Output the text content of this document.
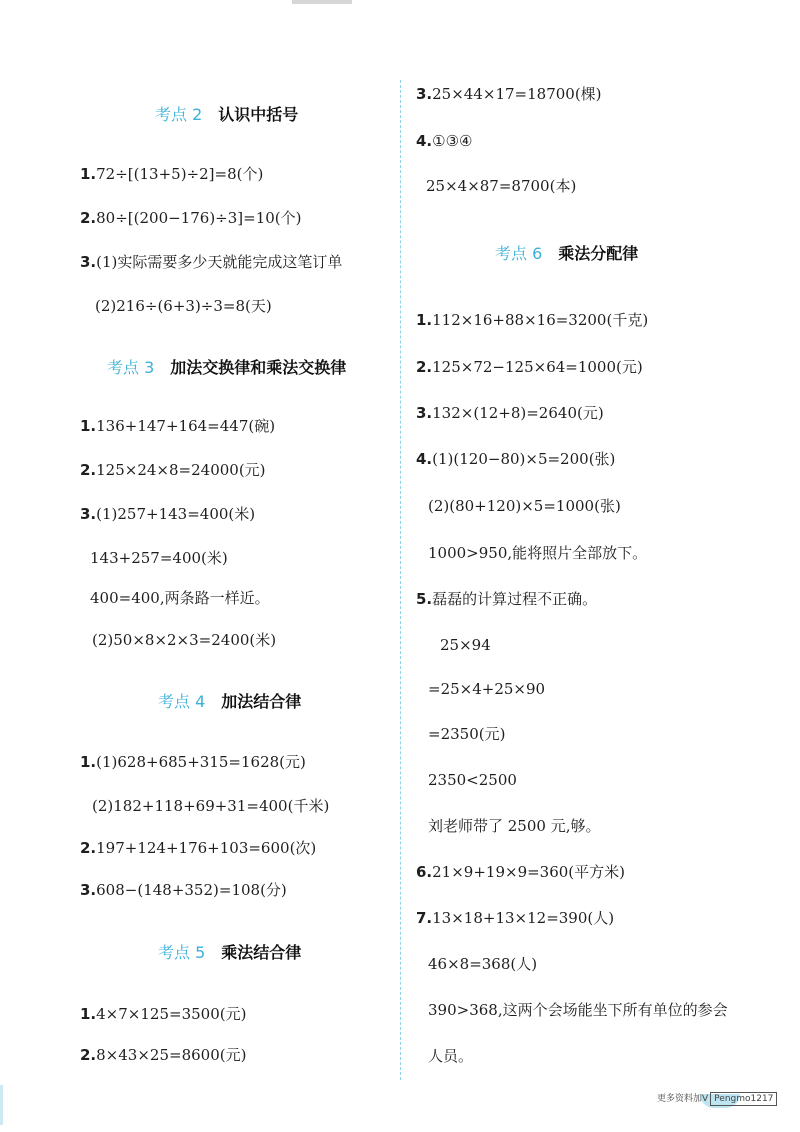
考点 2 认识中括号
1.72÷[(13+5)÷2]=8(个)
2.80÷[(200−176)÷3]=10(个)
3.(1)实际需要多少天就能完成这笔订单
(2)216÷(6+3)÷3=8(天)
考点 3 加法交换律和乘法交换律
1.136+147+164=447(碗)
2.125×24×8=24000(元)
3.(1)257+143=400(米)
143+257=400(米)
400=400,两条路一样近。
(2)50×8×2×3=2400(米)
考点 4 加法结合律
1.(1)628+685+315=1628(元)
(2)182+118+69+31=400(千米)
2.197+124+176+103=600(次)
3.608−(148+352)=108(分)
考点 5 乘法结合律
1.4×7×125=3500(元)
2.8×43×25=8600(元)
3.25×44×17=18700(棵)
4.①③④
25×4×87=8700(本)
考点 6 乘法分配律
1.112×16+88×16=3200(千克)
2.125×72−125×64=1000(元)
3.132×(12+8)=2640(元)
4.(1)(120−80)×5=200(张)
(2)(80+120)×5=1000(张)
1000>950,能将照片全部放下。
5.磊磊的计算过程不正确。
25×94
=25×4+25×90
=2350(元)
2350<2500
刘老师带了 2500 元,够。
6.21×9+19×9=360(平方米)
7.13×18+13×12=390(人)
46×8=368(人)
390>368,这两个会场能坐下所有单位的参会
人员。
更多资料加V Pengmo1217
